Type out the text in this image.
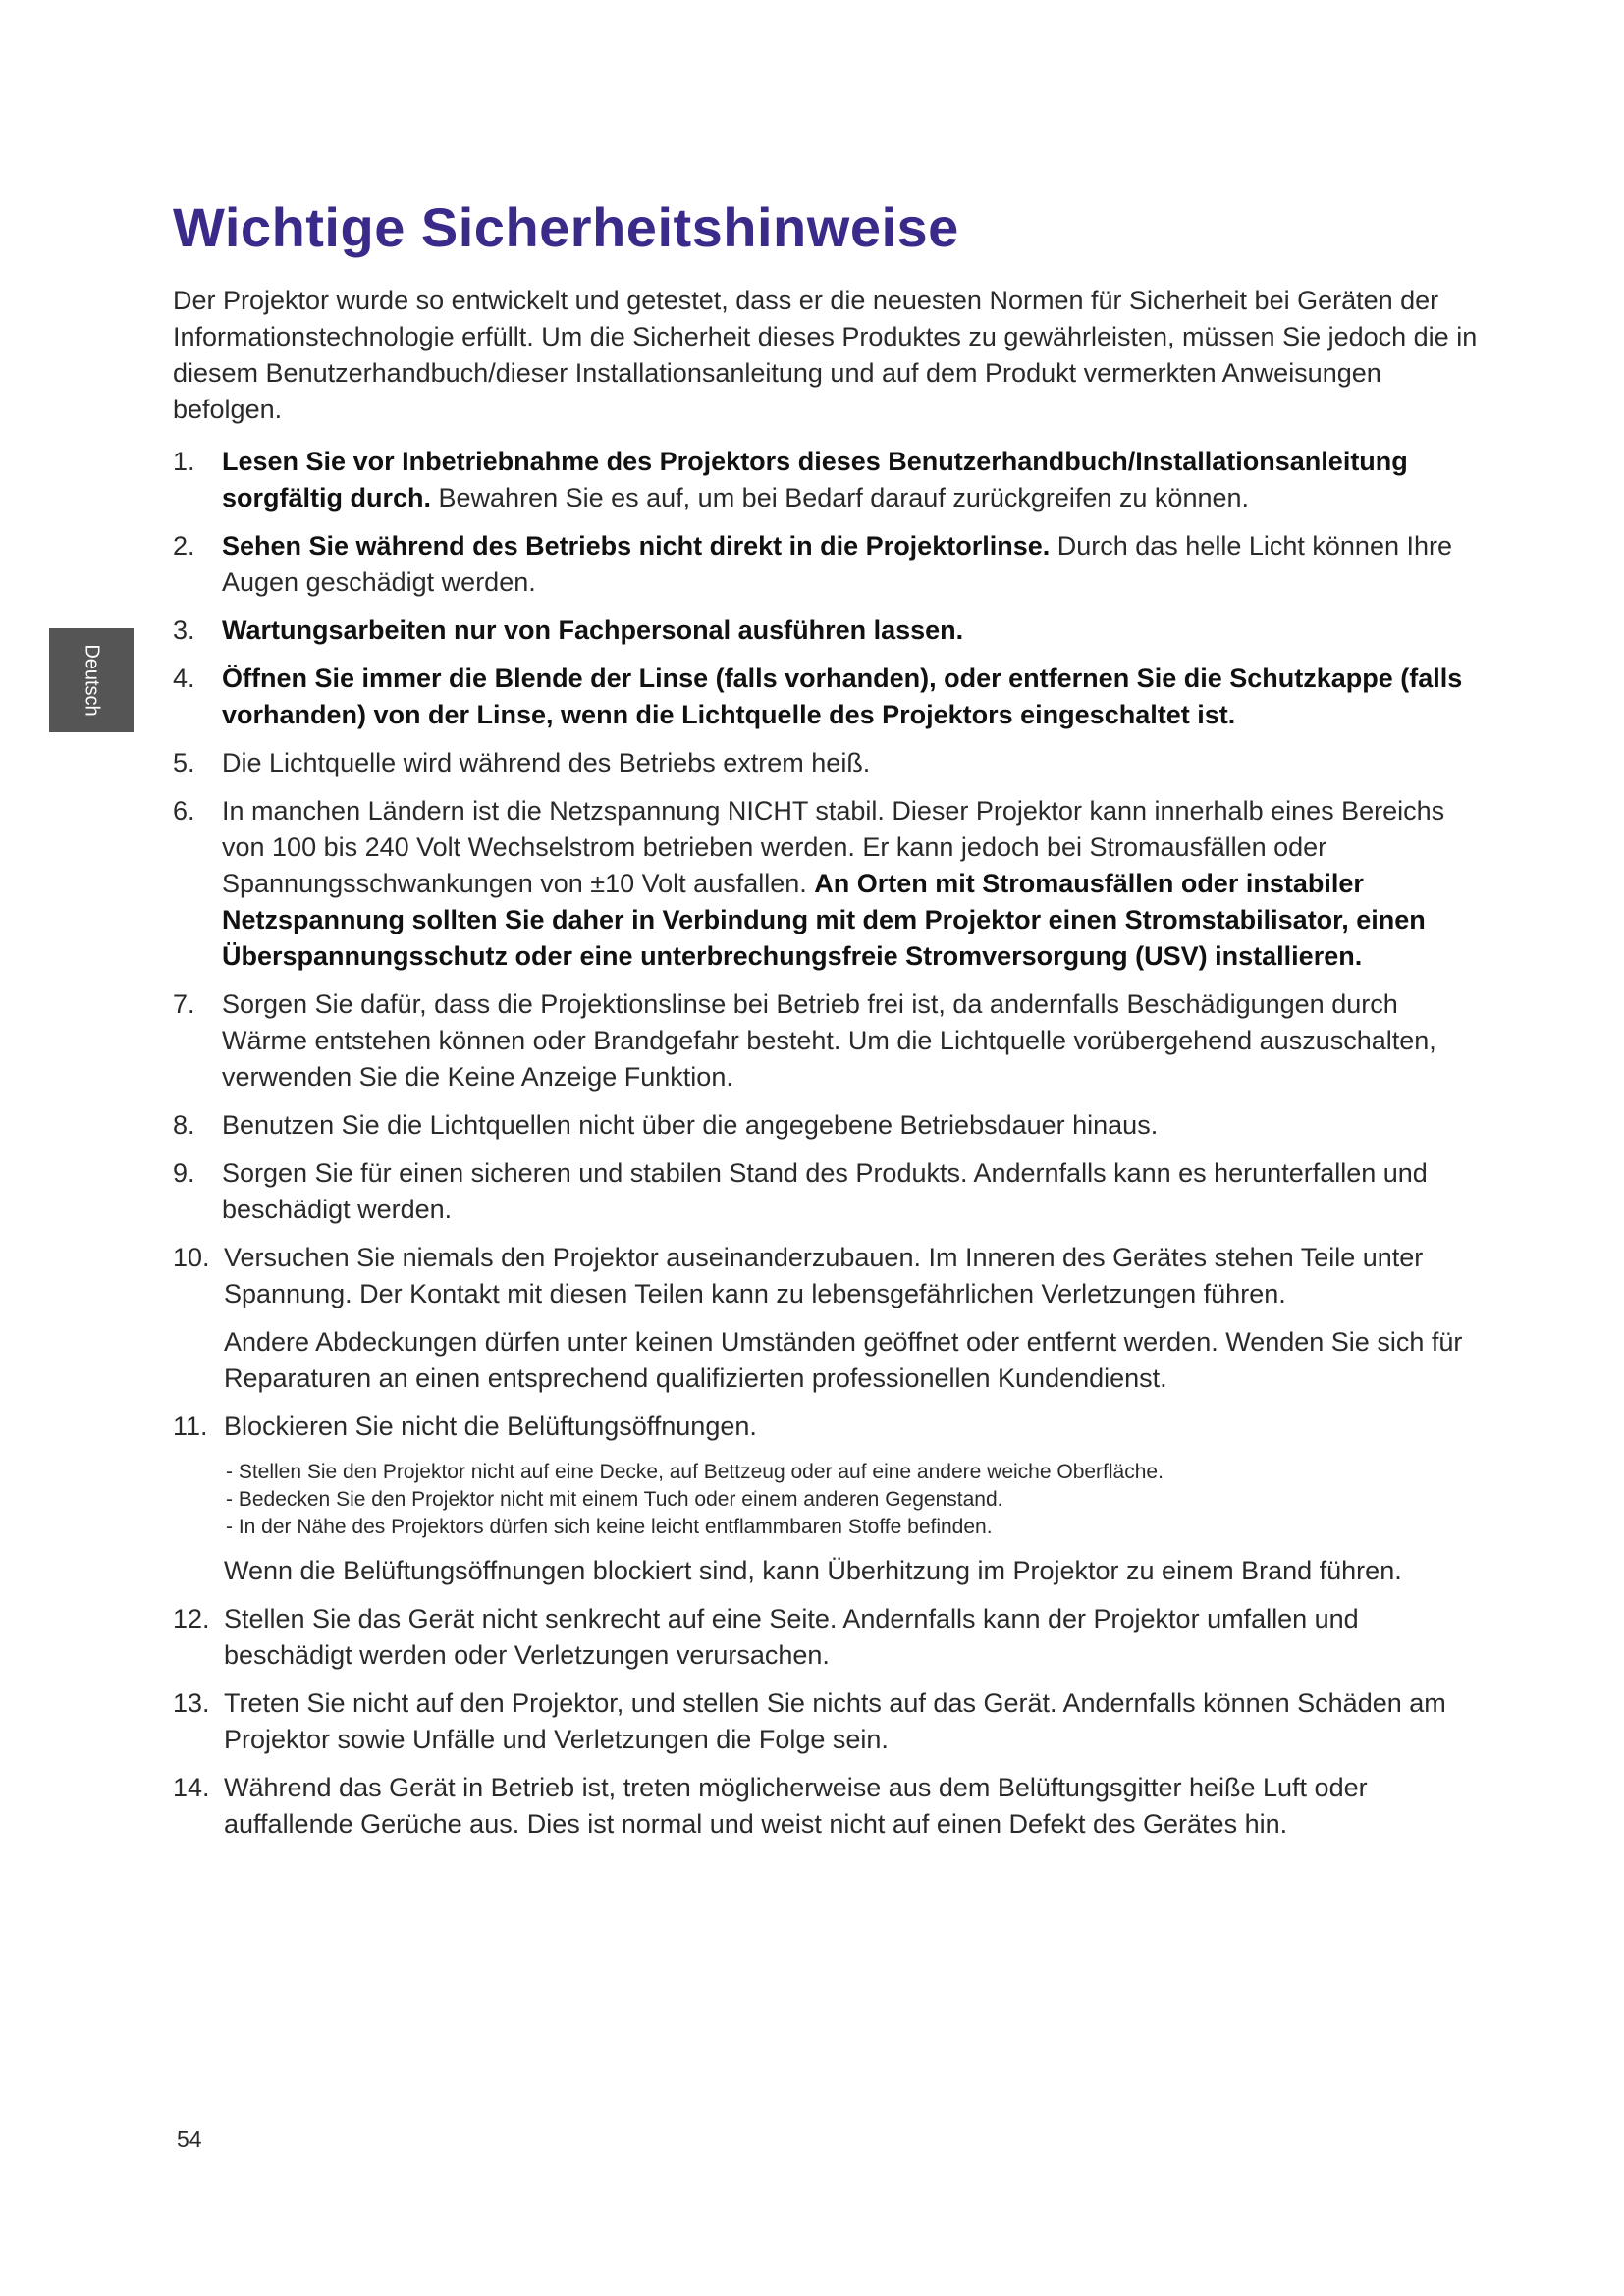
Wichtige Sicherheitshinweise

Der Projektor wurde so entwickelt und getestet, dass er die neuesten Normen für Sicherheit bei Geräten der Informationstechnologie erfüllt. Um die Sicherheit dieses Produktes zu gewährleisten, müssen Sie jedoch die in diesem Benutzerhandbuch/dieser Installationsanleitung und auf dem Produkt vermerkten Anweisungen befolgen.

Deutsch
1.	Lesen Sie vor Inbetriebnahme des Projektors dieses Benutzerhandbuch/Installationsanleitung sorgfältig durch. Bewahren Sie es auf, um bei Bedarf darauf zurückgreifen zu können.
2.	Sehen Sie während des Betriebs nicht direkt in die Projektorlinse. Durch das helle Licht können Ihre Augen geschädigt werden.
3.	Wartungsarbeiten nur von Fachpersonal ausführen lassen.
4.	Öffnen Sie immer die Blende der Linse (falls vorhanden), oder entfernen Sie die Schutzkappe (falls vorhanden) von der Linse, wenn die Lichtquelle des Projektors eingeschaltet ist.
5.	Die Lichtquelle wird während des Betriebs extrem heiß.
6.	In manchen Ländern ist die Netzspannung NICHT stabil. Dieser Projektor kann innerhalb eines Bereichs von 100 bis 240 Volt Wechselstrom betrieben werden. Er kann jedoch bei Stromausfällen oder Spannungsschwankungen von ±10 Volt ausfallen. An Orten mit Stromausfällen oder instabiler Netzspannung sollten Sie daher in Verbindung mit dem Projektor einen Stromstabilisator, einen Überspannungsschutz oder eine unterbrechungsfreie Stromversorgung (USV) installieren.
7.	Sorgen Sie dafür, dass die Projektionslinse bei Betrieb frei ist, da andernfalls Beschädigungen durch Wärme entstehen können oder Brandgefahr besteht. Um die Lichtquelle vorübergehend auszuschalten, verwenden Sie die Keine Anzeige Funktion.
8.	Benutzen Sie die Lichtquellen nicht über die angegebene Betriebsdauer hinaus.
9.	Sorgen Sie für einen sicheren und stabilen Stand des Produkts. Andernfalls kann es herunterfallen und beschädigt werden.
10. Versuchen Sie niemals den Projektor auseinanderzubauen. Im Inneren des Gerätes stehen Teile unter Spannung. Der Kontakt mit diesen Teilen kann zu lebensgefährlichen Verletzungen führen.

Andere Abdeckungen dürfen unter keinen Umständen geöffnet oder entfernt werden. Wenden Sie sich für Reparaturen an einen entsprechend qualifizierten professionellen Kundendienst.

11. Blockieren Sie nicht die Belüftungsöffnungen.
- Stellen Sie den Projektor nicht auf eine Decke, auf Bettzeug oder auf eine andere weiche Oberfläche.
- Bedecken Sie den Projektor nicht mit einem Tuch oder einem anderen Gegenstand.
- In der Nähe des Projektors dürfen sich keine leicht entflammbaren Stoffe befinden.

Wenn die Belüftungsöffnungen blockiert sind, kann Überhitzung im Projektor zu einem Brand führen.

12. Stellen Sie das Gerät nicht senkrecht auf eine Seite. Andernfalls kann der Projektor umfallen und beschädigt werden oder Verletzungen verursachen.
13. Treten Sie nicht auf den Projektor, und stellen Sie nichts auf das Gerät. Andernfalls können Schäden am Projektor sowie Unfälle und Verletzungen die Folge sein.
14. Während das Gerät in Betrieb ist, treten möglicherweise aus dem Belüftungsgitter heiße Luft oder auffallende Gerüche aus. Dies ist normal und weist nicht auf einen Defekt des Gerätes hin.
54
